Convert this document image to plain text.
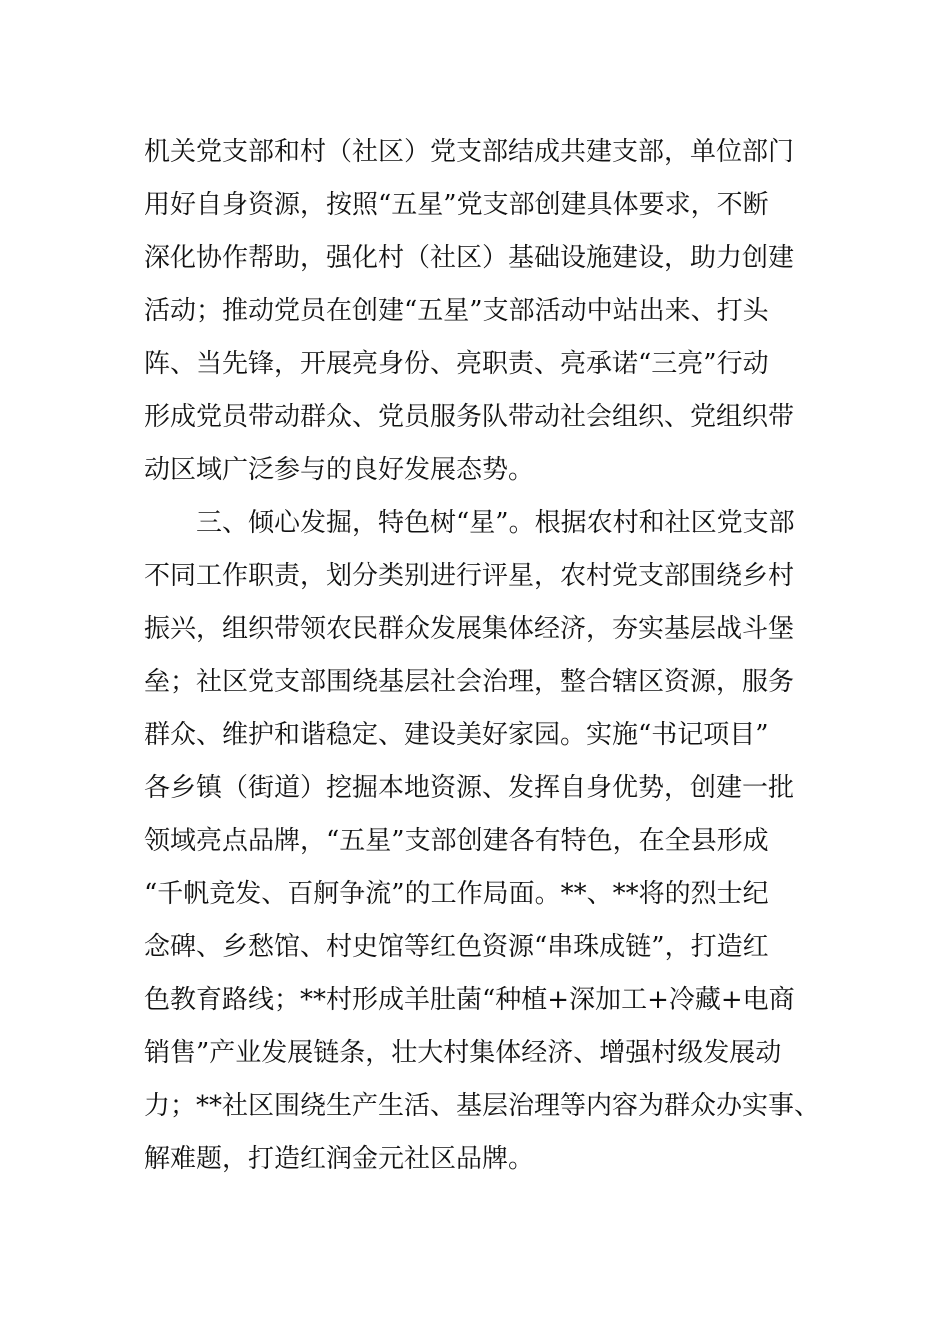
机关党支部和村（社区）党支部结成共建支部，单位部门
用好自身资源，按照“五星”党支部创建具体要求，不断
深化协作帮助，强化村（社区）基础设施建设，助力创建
活动；推动党员在创建“五星”支部活动中站出来、打头
阵、当先锋，开展亮身份、亮职责、亮承诺“三亮”行动
形成党员带动群众、党员服务队带动社会组织、党组织带
动区域广泛参与的良好发展态势。
三、倾心发掘，特色树“星”。根据农村和社区党支部
不同工作职责，划分类别进行评星，农村党支部围绕乡村
振兴，组织带领农民群众发展集体经济，夯实基层战斗堡
垒；社区党支部围绕基层社会治理，整合辖区资源，服务
群众、维护和谐稳定、建设美好家园。实施“书记项目”
各乡镇（街道）挖掘本地资源、发挥自身优势，创建一批
领域亮点品牌，“五星”支部创建各有特色，在全县形成
“千帆竞发、百舸争流”的工作局面。**、**将的烈士纪
念碑、乡愁馆、村史馆等红色资源“串珠成链”，打造红
色教育路线；**村形成羊肚菌“种植+深加工+冷藏+电商
销售”产业发展链条，壮大村集体经济、增强村级发展动
力；**社区围绕生产生活、基层治理等内容为群众办实事、
解难题，打造红润金元社区品牌。
